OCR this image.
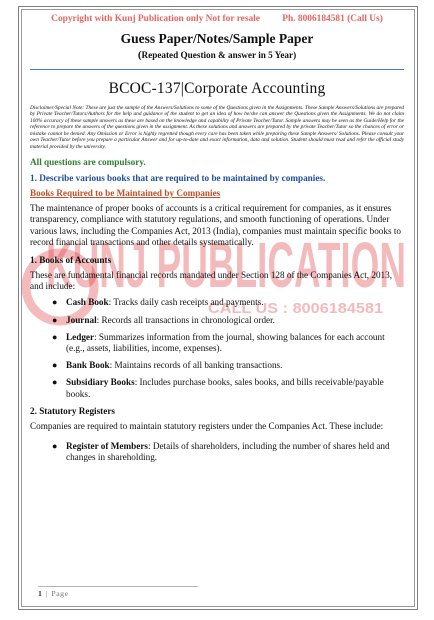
KUNJ PUBLICATION
CALL US : 8006184581
Copyright with Kunj Publication only Not for resale Ph. 8006184581 (Call Us)
Guess Paper/Notes/Sample Paper
(Repeated Question & answer in 5 Year)
BCOC-137|Corporate Accounting
Disclaimer/Special Note: These are just the sample of the Answers/Solutions to some of the Questions given in the Assignments. These Sample Answers/Solutions are prepared by Private Teacher/Tutors/Authors for the help and guidance of the student to get an idea of how he/she can answer the Questions given the Assignments. We do not claim 100% accuracy of these sample answers as these are based on the knowledge and capability of Private Teacher/Tutor. Sample answers may be seen as the Guide/Help for the reference to prepare the answers of the questions given in the assignment. As these solutions and answers are prepared by the private Teacher/Tutor so the chances of error or mistake cannot be denied. Any Omission or Error is highly regretted though every care has been taken while preparing these Sample Answers/ Solutions. Please consult your own Teacher/Tutor before you prepare a particular Answer and for up-to-date and exact information, data and solution. Student should must read and refer the official study material provided by the university.
All questions are compulsory.
1. Describe various books that are required to be maintained by companies.
Books Required to be Maintained by Companies

The maintenance of proper books of accounts is a critical requirement for companies, as it ensures transparency, compliance with statutory regulations, and smooth functioning of operations. Under various laws, including the Companies Act, 2013 (India), companies must maintain specific books to record financial transactions and other details systematically.

1. Books of Accounts

These are fundamental financial records mandated under Section 128 of the Companies Act, 2013, and include:

● Cash Book: Tracks daily cash receipts and payments.
● Journal: Records all transactions in chronological order.
● Ledger: Summarizes information from the journal, showing balances for each account (e.g., assets, liabilities, income, expenses).
● Bank Book: Maintains records of all banking transactions.
● Subsidiary Books: Includes purchase books, sales books, and bills receivable/payable books.
2. Statutory Registers

Companies are required to maintain statutory registers under the Companies Act. These include:

● Register of Members: Details of shareholders, including the number of shares held and changes in shareholding.
1 | Page
